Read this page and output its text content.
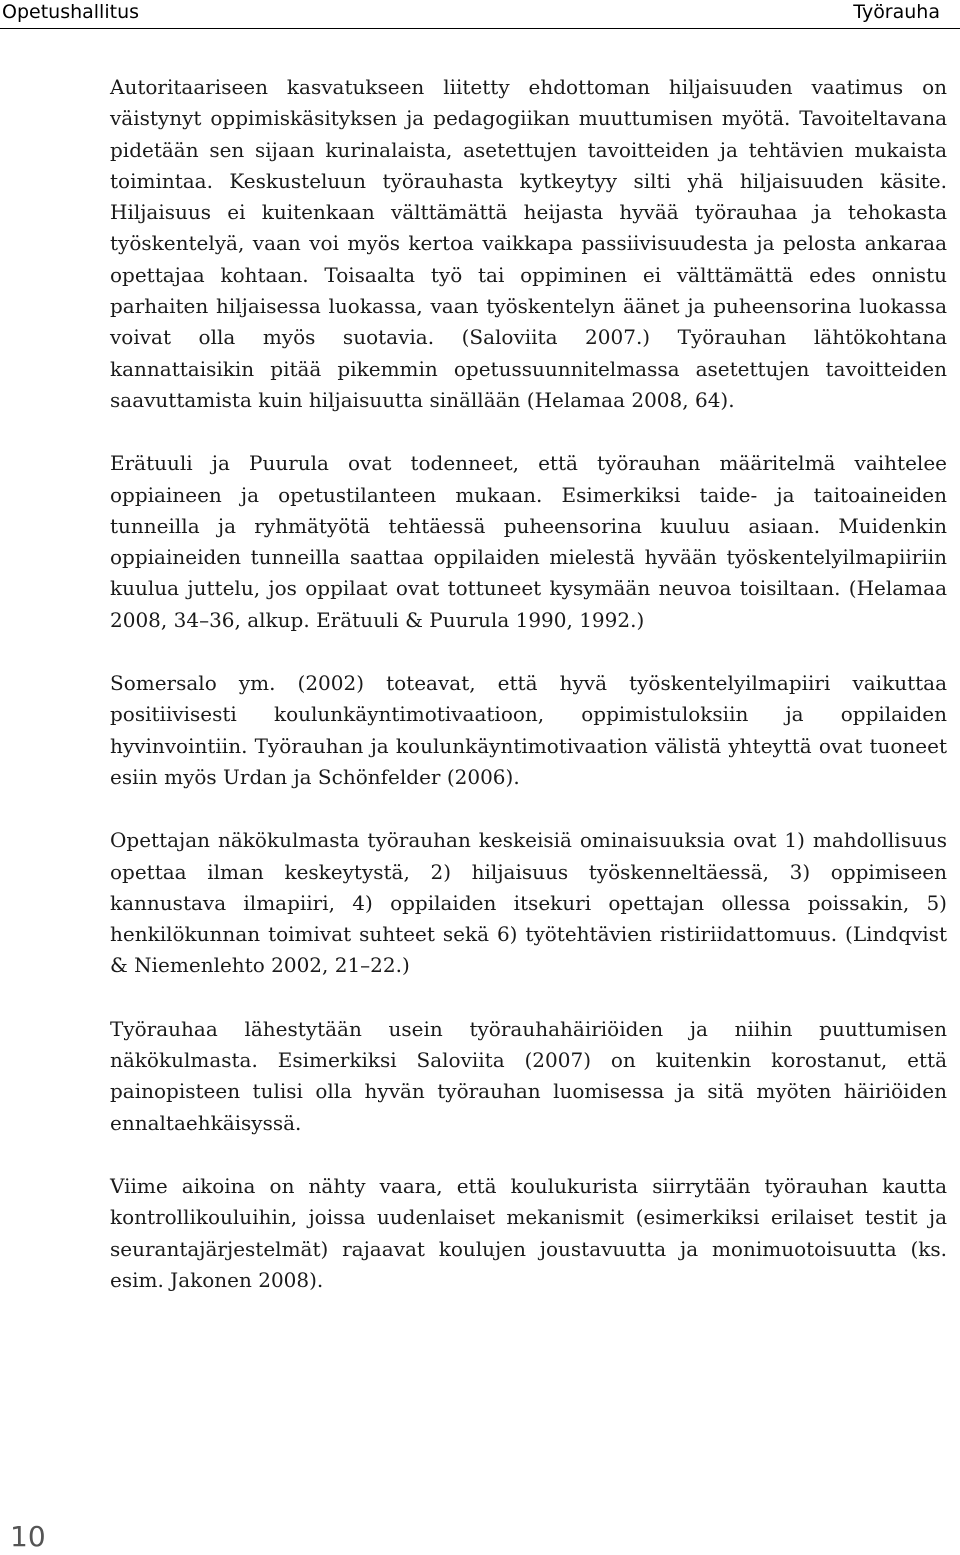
Opetushallitus	Työrauha

Autoritaariseen kasvatukseen liitetty ehdottoman hiljaisuuden vaatimus on väistynyt oppimiskäsityksen ja pedagogiikan muuttumisen myötä. Tavoiteltavana pidetään sen sijaan kurinalaista, asetettujen tavoitteiden ja tehtävien mukaista toimintaa. Keskusteluun työrauhasta kytkeytyy silti yhä hiljaisuuden käsite. Hiljaisuus ei kuitenkaan välttämättä heijasta hyvää työrauhaa ja tehokasta työskentelyä, vaan voi myös kertoa vaikkapa passiivisuudesta ja pelosta ankaraa opettajaa kohtaan. Toisaalta työ tai oppiminen ei välttämättä edes onnistu parhaiten hiljaisessa luokassa, vaan työskentelyn äänet ja puheensorina luokassa voivat olla myös suotavia. (Saloviita 2007.) Työrauhan lähtökohtana kannattaisikin pitää pikemmin opetussuunnitelmassa asetettujen tavoitteiden saavuttamista kuin hiljaisuutta sinällään (Helamaa 2008, 64).

Erätuuli ja Puurula ovat todenneet, että työrauhan määritelmä vaihtelee oppiaineen ja opetustilanteen mukaan. Esimerkiksi taide- ja taitoaineiden tunneilla ja ryhmätyötä tehtäessä puheensorina kuuluu asiaan. Muidenkin oppiaineiden tunneilla saattaa oppilaiden mielestä hyvään työskentelyilmapiiriin kuulua juttelu, jos oppilaat ovat tottuneet kysymään neuvoa toisiltaan. (Helamaa 2008, 34–36, alkup. Erätuuli & Puurula 1990, 1992.)

Somersalo ym. (2002) toteavat, että hyvä työskentelyilmapiiri vaikuttaa positiivisesti koulunkäyntimotivaatioon, oppimistuloksiin ja oppilaiden hyvinvointiin. Työrauhan ja koulunkäyntimotivaation välistä yhteyttä ovat tuoneet esiin myös Urdan ja Schönfelder (2006).

Opettajan näkökulmasta työrauhan keskeisiä ominaisuuksia ovat 1) mahdollisuus opettaa ilman keskeytystä, 2) hiljaisuus työskenneltäessä, 3) oppimiseen kannustava ilmapiiri, 4) oppilaiden itsekuri opettajan ollessa poissakin, 5) henkilökunnan toimivat suhteet sekä 6) työtehtävien ristiriidattomuus. (Lindqvist & Niemenlehto 2002, 21–22.)

Työrauhaa lähestytään usein työrauhahäiriöiden ja niihin puuttumisen näkökulmasta. Esimerkiksi Saloviita (2007) on kuitenkin korostanut, että painopisteen tulisi olla hyvän työrauhan luomisessa ja sitä myöten häiriöiden ennaltaehkäisyssä.

Viime aikoina on nähty vaara, että koulukurista siirrytään työrauhan kautta kontrollikouluihin, joissa uudenlaiset mekanismit (esimerkiksi erilaiset testit ja seurantajärjestelmät) rajaavat koulujen joustavuutta ja monimuotoisuutta (ks. esim. Jakonen 2008).

10
